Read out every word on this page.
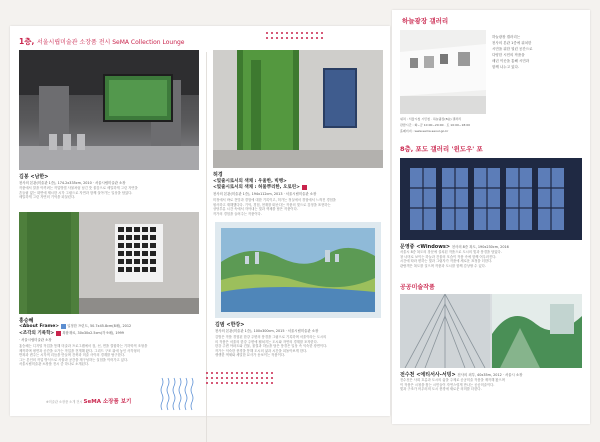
1층, 서울시립미술관 소장품 전시 SeMA Collection Lounge
김봉 <남한>
천사의 본관(미술관 1층), 174.2x335cm, 2010 · 서울시립미술관 소장
작품에서 말을 아끼려는 작업방법 사물처럼 남긴 뜻 물감으로 세밀하게 그린 자연을
흔들림 없는 화면에 제시한 시각 그림으로 자연과 함께 살아가는 일상을 담았다.
세밀하게 그린 자연의 기억을 되살린다.
홍승혜
<About Frame> 일정한 프린트, 50.7x45.8cm(8매), 2012
<조각의 기록학> 복합재료, 30x30x2.5cm(각 9매), 1999
· 서울시립미술관 소장
홍승혜는 디지털 작업을 통해 미술과 프로그램에서 점, 선, 면을 결합하는 기하학적 조형을
제작하며 평면과 공간을 오가는 작업을 전개해 왔다. 그리드 구조 위에 놓인 사각형의
반복과 변주는 시각적 리듬을 만들며 건축과 미술 사이의 경계를 탐구한다.
그는 본인의 작업 방식으로 사물과 공간을 재구성하는 실험을 이어가고 있다.
서울시립미술관 소장품 전시 중 하나로 소개된다.
※미술관 소장품 소개 전시 SeMA 소장품 보기
허경
<빛줄시로서의 색채 : 우울한, 빅뱅>
<빛줄시로서의 색채 : 허물뿌리한, 오로린>
천사의 본관(미술관 1층), 194x112cm, 2013 · 서울시립미술관 소장
미정에서 바로 전망과 경험에 대한 기록이고, 허가는 정실에서 경험에서 느껴진 경험을
원사하고 재해했다다. 기억, 경험, 현재를 떠난다는 작품의 빛으로 감정을 표현하는
상당부분 시간 속에서 자아내는 빛과 색채를 담은 작품이다.
작가의 경험을 들려주는 작품이다.
김범 <한강>
천사의 본관(미술관 1층), 100x300cm, 2015 · 서울시립미술관 소장
김범은 작품 경험된 한강 주변의 풍경을 그림으로 기록하며 서울이라는 도시의
의 작품은 서울의 한강 주변에 펼쳐지는 도시와 자연의 경계를 포착한다.
한강 주변 아파트와 건물, 물결과 하늘을 담은 풍경은 일상 속 익숙한 장면이다.
작가는 익숙한 풍경을 통해 도시의 삶과 시간을 되돌아보게 한다.
생생한 색채와 세밀한 묘사가 돋보이는 작품이다.
하늘광장 갤러리
하늘광장 갤러리는
천사의 본관 1층에 위치한
시민을 위한 열린 공간으로
다양한 시민의 작품을
매년 이곳을 통해 시민과
함께 나누고 있다.
위치 : 서울시청 시민청 · 하늘광장(8층) 갤러리
관람시간 : 화~금 10:00~20:00 · 토 10:00~18:00
홈페이지 : www.sema.seoul.go.kr
8층, 포도 갤러리 '윈도우' 포
문영중 <Windows> 천사의 8층 복도, 190x230cm, 2016
서울시 8층 복도의 창문에 설치된 작품으로 도시의 빛과 풍경을 담았다.
창 너머로 보이는 하늘과 건물의 모습이 작품 속에 함께 어우러진다.
시간에 따라 변하는 빛과 그림자가 작품에 새로운 표정을 더한다.
관람객은 복도를 걸으며 작품과 도시를 함께 감상할 수 있다.
공공미술작품
전수천 <에티서사-서빙> 천사의 외부, 40x35m, 2012 · 서울시 소장
전수천은 사회 흐름과 도시의 삶을 주제로 공공미술 작품을 제작해 왔으며
이 작품은 시청을 찾는 시민들이 자연스럽게 만나는 공공미술이다.
빛과 구조가 어우러져 도시 풍경에 새로운 의미를 더한다.
